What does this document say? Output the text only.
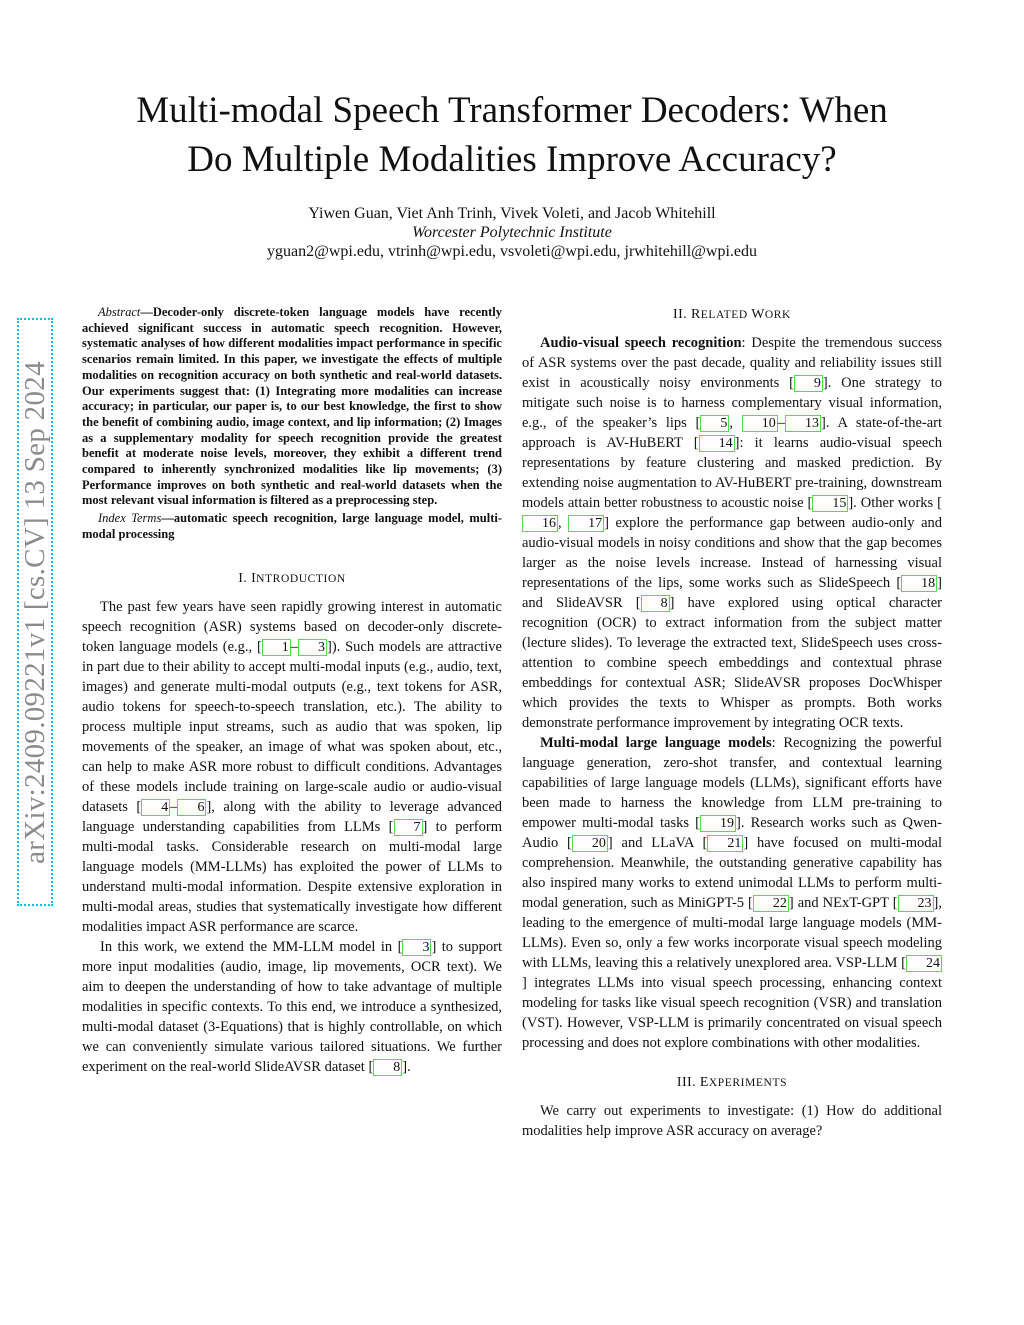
arXiv:2409.09221v1 [cs.CV] 13 Sep 2024
Multi-modal Speech Transformer Decoders: When
Do Multiple Modalities Improve Accuracy?
Yiwen Guan, Viet Anh Trinh, Vivek Voleti, and Jacob Whitehill
Worcester Polytechnic Institute
yguan2@wpi.edu, vtrinh@wpi.edu, vsvoleti@wpi.edu, jrwhitehill@wpi.edu

Abstract—Decoder-only discrete-token language models have recently achieved significant success in automatic speech recognition. However, systematic analyses of how different modalities impact performance in specific scenarios remain limited. In this paper, we investigate the effects of multiple modalities on recognition accuracy on both synthetic and real-world datasets. Our experiments suggest that: (1) Integrating more modalities can increase accuracy; in particular, our paper is, to our best knowledge, the first to show the benefit of combining audio, image context, and lip information; (2) Images as a supplementary modality for speech recognition provide the greatest benefit at moderate noise levels, moreover, they exhibit a different trend compared to inherently synchronized modalities like lip movements; (3) Performance improves on both synthetic and real-world datasets when the most relevant visual information is filtered as a preprocessing step.

Index Terms—automatic speech recognition, large language model, multi-modal processing

I. INTRODUCTION

The past few years have seen rapidly growing interest in automatic speech recognition (ASR) systems based on decoder-only discrete-token language models (e.g., [ 1 – 3 ]). Such models are attractive in part due to their ability to accept multi-modal inputs (e.g., audio, text, images) and generate multi-modal outputs (e.g., text tokens for ASR, audio tokens for speech-to-speech translation, etc.). The ability to process multiple input streams, such as audio that was spoken, lip movements of the speaker, an image of what was spoken about, etc., can help to make ASR more robust to difficult conditions. Advantages of these models include training on large-scale audio or audio-visual datasets [ 4 – 6 ], along with the ability to leverage advanced language understanding capabilities from LLMs [ 7 ] to perform multi-modal tasks. Considerable research on multi-modal large language models (MM-LLMs) has exploited the power of LLMs to understand multi-modal information. Despite extensive exploration in multi-modal areas, studies that systematically investigate how different modalities impact ASR performance are scarce.

In this work, we extend the MM-LLM model in [ 3 ] to support more input modalities (audio, image, lip movements, OCR text). We aim to deepen the understanding of how to take advantage of multiple modalities in specific contexts. To this end, we introduce a synthesized, multi-modal dataset (3-Equations) that is highly controllable, on which we can conveniently simulate various tailored situations. We further experiment on the real-world SlideAVSR dataset [ 8 ].

II. RELATED WORK

Audio-visual speech recognition: Despite the tremendous success of ASR systems over the past decade, quality and reliability issues still exist in acoustically noisy environments [ 9 ]. One strategy to mitigate such noise is to harness complementary visual information, e.g., of the speaker’s lips [ 5 , 10 – 13 ]. A state-of-the-art approach is AV-HuBERT [ 14 ]: it learns audio-visual speech representations by feature clustering and masked prediction. By extending noise augmentation to AV-HuBERT pre-training, downstream models attain better robustness to acoustic noise [ 15 ]. Other works [16 , 17 ] explore the performance gap between audio-only and audio-visual models in noisy conditions and show that the gap becomes larger as the noise levels increase. Instead of harnessing visual representations of the lips, some works such as SlideSpeech [ 18 ] and SlideAVSR [ 8 ] have explored using optical character recognition (OCR) to extract information from the subject matter (lecture slides). To leverage the extracted text, SlideSpeech uses cross-attention to combine speech embeddings and contextual phrase embeddings for contextual ASR; SlideAVSR proposes DocWhisper which provides the texts to Whisper as prompts. Both works demonstrate performance improvement by integrating OCR texts.

Multi-modal large language models: Recognizing the powerful language generation, zero-shot transfer, and contextual learning capabilities of large language models (LLMs), significant efforts have been made to harness the knowledge from LLM pre-training to empower multi-modal tasks [ 19 ]. Research works such as Qwen-Audio [ 20 ] and LLaVA [ 21 ] have focused on multi-modal comprehension. Meanwhile, the outstanding generative capability has also inspired many works to extend unimodal LLMs to perform multi-modal generation, such as MiniGPT-5 [ 22 ] and NExT-GPT [ 23 ], leading to the emergence of multi-modal large language models (MM-LLMs). Even so, only a few works incorporate visual speech modeling with LLMs, leaving this a relatively unexplored area. VSP-LLM [ 24] integrates LLMs into visual speech processing, enhancing context modeling for tasks like visual speech recognition (VSR) and translation (VST). However, VSP-LLM is primarily concentrated on visual speech processing and does not explore combinations with other modalities.

III. EXPERIMENTS

We carry out experiments to investigate: (1) How do additional modalities help improve ASR accuracy on average?
